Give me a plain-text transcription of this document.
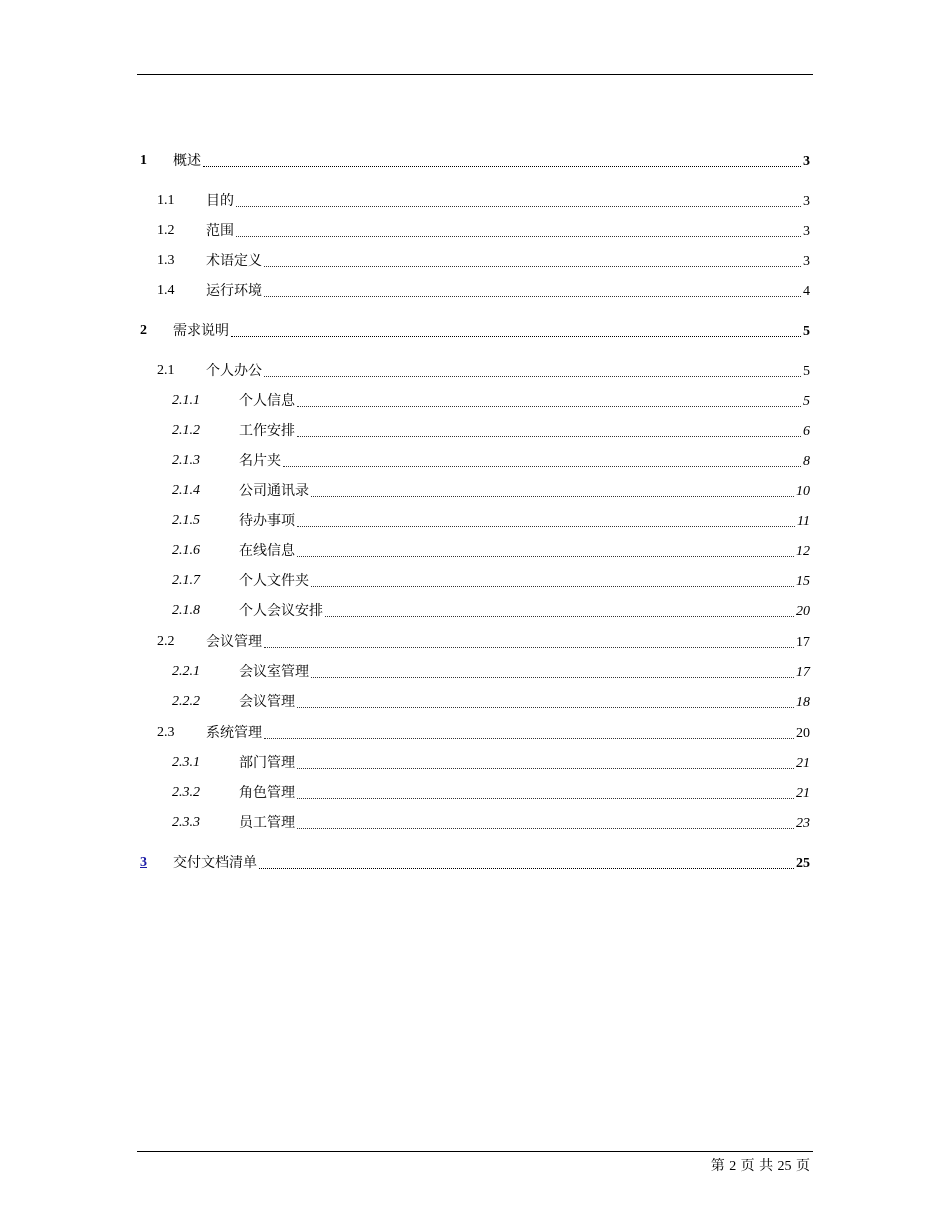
1 概述	3
1.1 目的	3
1.2 范围	3
1.3 术语定义	3
1.4 运行环境	4
2 需求说明	5
2.1 个人办公	5
2.1.1	个人信息	5
2.1.2	工作安排	6
2.1.3	名片夹	8
2.1.4	公司通讯录	10
2.1.5	待办事项	11
2.1.6	在线信息	12
2.1.7	个人文件夹	15
2.1.8	个人会议安排	20
2.2 会议管理	17
2.2.1	会议室管理	17
2.2.2	会议管理	18
2.3 系统管理	20
2.3.1	部门管理	21
2.3.2	角色管理	21
2.3.3	员工管理	23
3 交付文档清单	25
第 2 页 共 25 页
